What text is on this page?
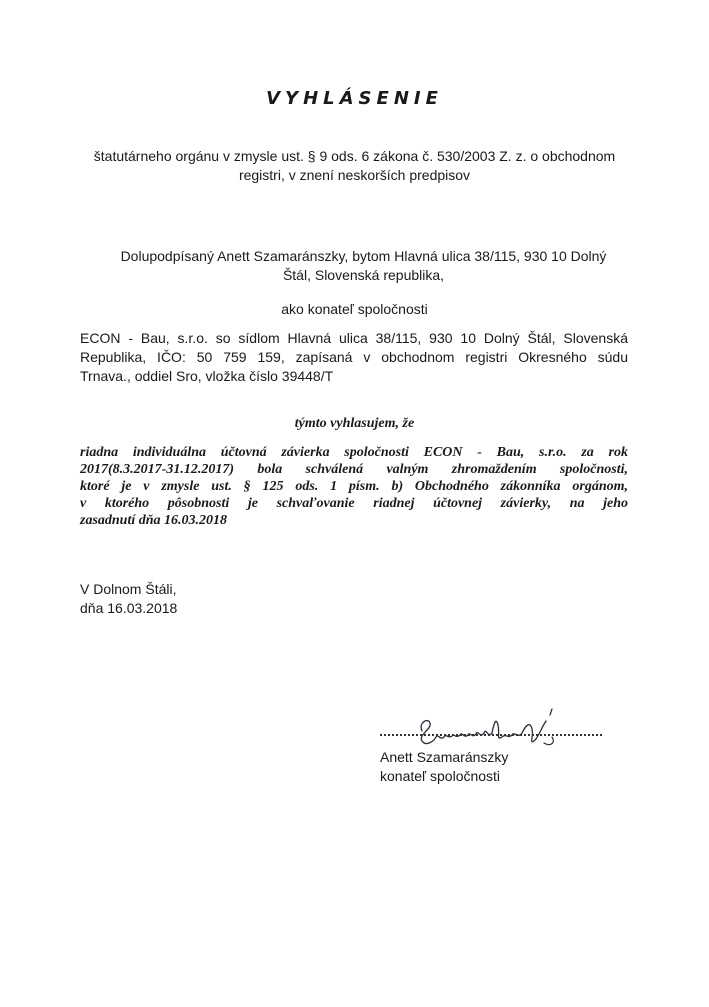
VYHLÁSENIE
štatutárneho orgánu v zmysle ust. § 9 ods. 6 zákona č. 530/2003 Z. z. o obchodnom
registri, v znení neskorších predpisov
Dolupodpísaný Anett Szamaránszky, bytom Hlavná ulica 38/115, 930 10 Dolný
Štál, Slovenská republika,
ako konateľ spoločnosti
ECON - Bau, s.r.o. so sídlom Hlavná ulica 38/115, 930 10 Dolný Štál, Slovenská
Republika, IČO: 50 759 159, zapísaná v obchodnom registri Okresného súdu
Trnava., oddiel Sro, vložka číslo 39448/T
týmto vyhlasujem, že
riadna individuálna účtovná závierka spoločnosti ECON - Bau, s.r.o. za rok
2017(8.3.2017-31.12.2017) bola schválená valným zhromaždením spoločnosti,
ktoré je v zmysle ust. § 125 ods. 1 písm. b) Obchodného zákonníka orgánom,
v ktorého pôsobnosti je schvaľovanie riadnej účtovnej závierky, na jeho
zasadnutí dňa 16.03.2018
V Dolnom Štáli,
dňa 16.03.2018
Anett Szamaránszky
konateľ spoločnosti
